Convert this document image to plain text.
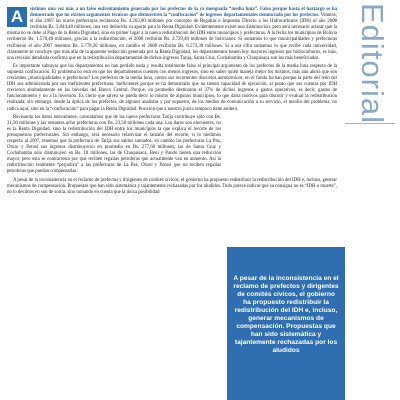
A	sistimos una vez más a un falso enfrentamiento generado por los prefectos de la ya menguada “media luna”. Falso porque hasta el hartazgo se ha demostrado que no existen argumentos técnicos que demuestren la “confiscación” de ingresos departamentales denunciada por los prefectos. Veamos, el año 2007 las nueve prefecturas recibieron Bs. 4.203,80 millones por concepto de Regalías e Impuesto Directo a los Hidrocarburos (IDH) el año 2008 recibirán Bs. 3.844,48 millones, una vez deducido su aporte para la Renta Dignidad. Evidentemente existe una disminución, pero será necesario aclarar que la misma no se debe al Pago de la Renta Dignidad, sino en primer lugar a la nueva redistribución del IDH entre municipios y prefecturas. A la fecha los municipios de Bolivia recibieron Bs. 1.570,40 millones, gracias a la redistribución, el 2008 recibirán Bs. 2.729,40 millones de bolivianos. Si sumamos lo que municipalidades y prefecturas recibieron el año 2007 tenemos Bs. 5.778,20 millones, en cambio el 2008 recibirán Bs. 6.573,30 millones. Si a esa cifra sumamos lo que recibe cada universidad, claramente se concluye que más allá de la aparente reducción generada por la Renta Dignidad, los departamentos tienen hoy mayores ingresos por hidrocarburos, es más, una revisión detallada confirma que en la redistribución departamental de dichos ingresos Tarija, Santa Cruz, Cochabamba y Chuquisaca son los más beneficiados.

Es importante subrayar que los departamentos no han perdido nada y resulta totalmente falso el principal argumento de los prefectos de la media luna respecto de la supuesta confiscación. El problema no está en que los departamentos cuenten con menos ingresos, sino en saber quién maneja mejor los mismos, más aún ahora que son crecientes ¿municipalidades o prefecturas? Los prefectos de la media luna, contra sus recurrentes discursos autonómicos, en el fondo luchan porque la parte del león del IDH sea administrada por sus ineficientes prefecturas. Ineficientes porque se ha demostrado que no tienen capacidad de ejecución, al punto que sus cuentas por IDH crecieron abultadamente en las bóvedas del Banco Central. Porque, en promedio destinaron el 37% de dichos ingresos a gastos operativos, es decir, gastos de funcionamiento y no a la inversión. Es cierto que talvez se pueda decir lo mismo de algunos municipios, lo que daría motivos para discutir y evaluar la redistribución realizada; sin embargo, desde la óptica de los prefectos, de algunos analistas y por supuesto, de los medios de comunicación a su servicio, el meollo del problema, no radica aquí, sino en la “confiscación” para pagar la Renta Dignidad. Posición que a nuestro juicio tampoco tiene asidero.

Revisando los datos nuevamente, constatamos que de las nueve prefecturas Tarija contribuye sólo con Bs. 31,50 millones y las restantes ocho prefecturas con Bs. 23,50 millones cada una. Los datos son elocuentes, no es la Renta Dignidad, sino la redistribución del IDH entre los municipios la que explica el recorte de los presupuestos prefecturales. Sin embargo, será necesario relativizar el tamaño del recorte, si lo medimos respecto al 2007, tenemos que la prefectura de Tarija sus saldos sumados, en cambio las prefecturas La Paz, Oruro y Potosí sus ingresos disminuyeron en promedio en Bs. 277,60 millones, las de Santa Cruz y Cochabamba sólo disminuyen en Bs. 18 millones, las de Chuquisaca, Beni y Pando tienen una reducción mayor, pero esta se contrarresta por que reciben regalías petroleras que actualmente van en aumento. Así la redistribución realmente “perjudica” a las prefecturas de La Paz, Oruro y Potosí que no reciben regalías petroleras que puedan compensarlas.

A pesar de la inconsistencia en el reclamo de prefectos y dirigentes de comités cívicos, el gobierno ha propuesto redistribuir la redistribución del IDH e, incluso, generar mecanismos de compensación. Propuestas que han sido sistemática y tajantemente rechazadas por los aludidos. Todo parece indicar que su consigna no es “IDH o muerte”, no lo decimos en son de sorna, sino tomando en cuenta que la única posibilidad

Editorial
A pesar de la inconsistencia en el reclamo de prefectos y dirigentes de comités cívicos, el gobierno ha propuesto redistribuir la redistribución del IDH e, incluso, generar mecanismos de compensación. Propuestas que han sido sistemática y tajantemente rechazadas por los aludidos
